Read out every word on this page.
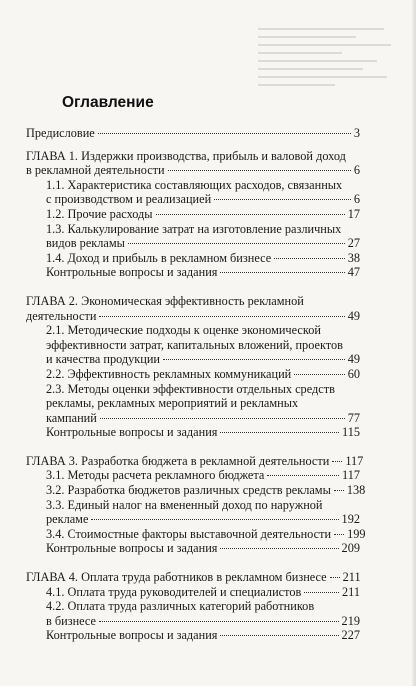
Оглавление
Предисловие	3
ГЛАВА 1. Издержки производства, прибыль и валовой доход
в рекламной деятельности	6
1.1. Характеристика составляющих расходов, связанных
с производством и реализацией	6
1.2. Прочие расходы	17
1.3. Калькулирование затрат на изготовление различных
видов рекламы	27
1.4. Доход и прибыль в рекламном бизнесе	38
Контрольные вопросы и задания	47
ГЛАВА 2. Экономическая эффективность рекламной
деятельности	49
2.1. Методические подходы к оценке экономической
эффективности затрат, капитальных вложений, проектов
и качества продукции	49
2.2. Эффективность рекламных коммуникаций	60
2.3. Методы оценки эффективности отдельных средств
рекламы, рекламных мероприятий и рекламных
кампаний	77
Контрольные вопросы и задания	115
ГЛАВА 3. Разработка бюджета в рекламной деятельности 117
3.1. Методы расчета рекламного бюджета	117
3.2. Разработка бюджетов различных средств рекламы 138
3.3. Единый налог на вмененный доход по наружной
рекламе	192
3.4. Стоимостные факторы выставочной деятельности 199
Контрольные вопросы и задания	209
ГЛАВА 4. Оплата труда работников в рекламном бизнесе 211
4.1. Оплата труда руководителей и специалистов	211
4.2. Оплата труда различных категорий работников
в бизнесе	219
Контрольные вопросы и задания	227
